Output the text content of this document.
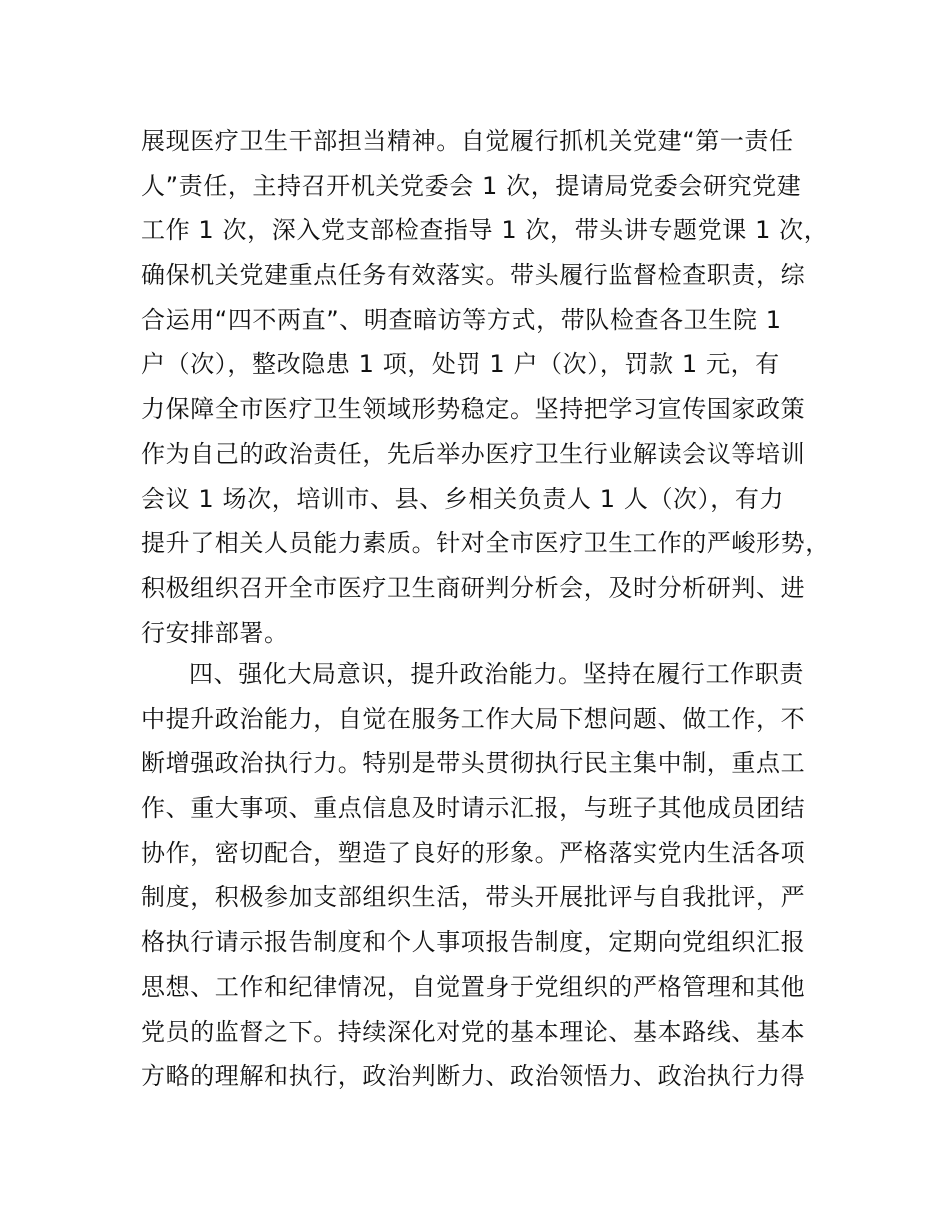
展现医疗卫生干部担当精神。自觉履行抓机关党建“第一责任
人”责任，主持召开机关党委会 1 次，提请局党委会研究党建
工作 1 次，深入党支部检查指导 1 次，带头讲专题党课 1 次，
确保机关党建重点任务有效落实。带头履行监督检查职责，综
合运用“四不两直”、明查暗访等方式，带队检查各卫生院 1
户（次），整改隐患 1 项，处罚 1 户（次），罚款 1 元，有
力保障全市医疗卫生领域形势稳定。坚持把学习宣传国家政策
作为自己的政治责任，先后举办医疗卫生行业解读会议等培训
会议 1 场次，培训市、县、乡相关负责人 1 人（次），有力
提升了相关人员能力素质。针对全市医疗卫生工作的严峻形势，
积极组织召开全市医疗卫生商研判分析会，及时分析研判、进
行安排部署。
四、强化大局意识，提升政治能力。坚持在履行工作职责
中提升政治能力，自觉在服务工作大局下想问题、做工作，不
断增强政治执行力。特别是带头贯彻执行民主集中制，重点工
作、重大事项、重点信息及时请示汇报，与班子其他成员团结
协作，密切配合，塑造了良好的形象。严格落实党内生活各项
制度，积极参加支部组织生活，带头开展批评与自我批评，严
格执行请示报告制度和个人事项报告制度，定期向党组织汇报
思想、工作和纪律情况，自觉置身于党组织的严格管理和其他
党员的监督之下。持续深化对党的基本理论、基本路线、基本
方略的理解和执行，政治判断力、政治领悟力、政治执行力得
